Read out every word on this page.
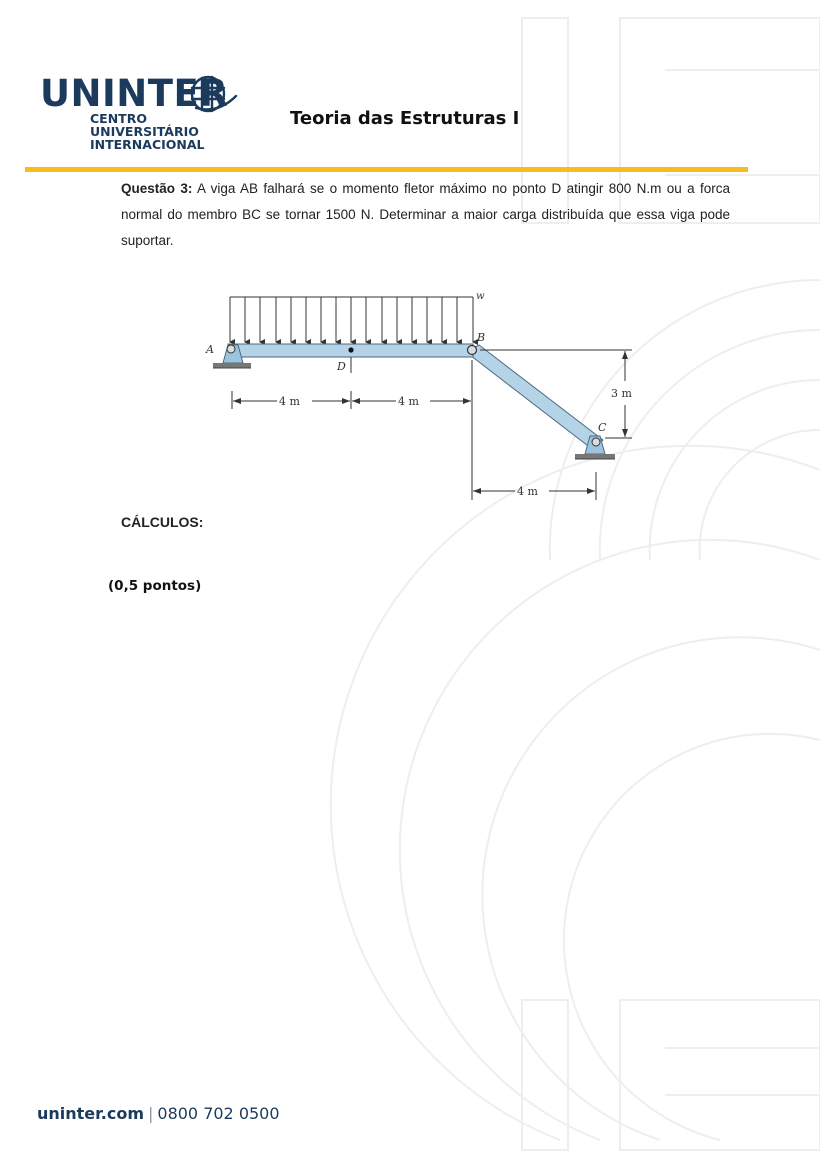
UNINTER
CENTRO
UNIVERSITÁRIO
INTERNACIONAL
Teoria das Estruturas I
Questão 3: A viga AB falhará se o momento fletor máximo no ponto D atingir 800 N.m ou a forca normal do membro BC se tornar 1500 N. Determinar a maior carga distribuída que essa viga pode suportar.
w
A
B
C
D
4 m	4 m
4 m
3 m
CÁLCULOS:
(0,5 pontos)
uninter.com | 0800 702 0500
